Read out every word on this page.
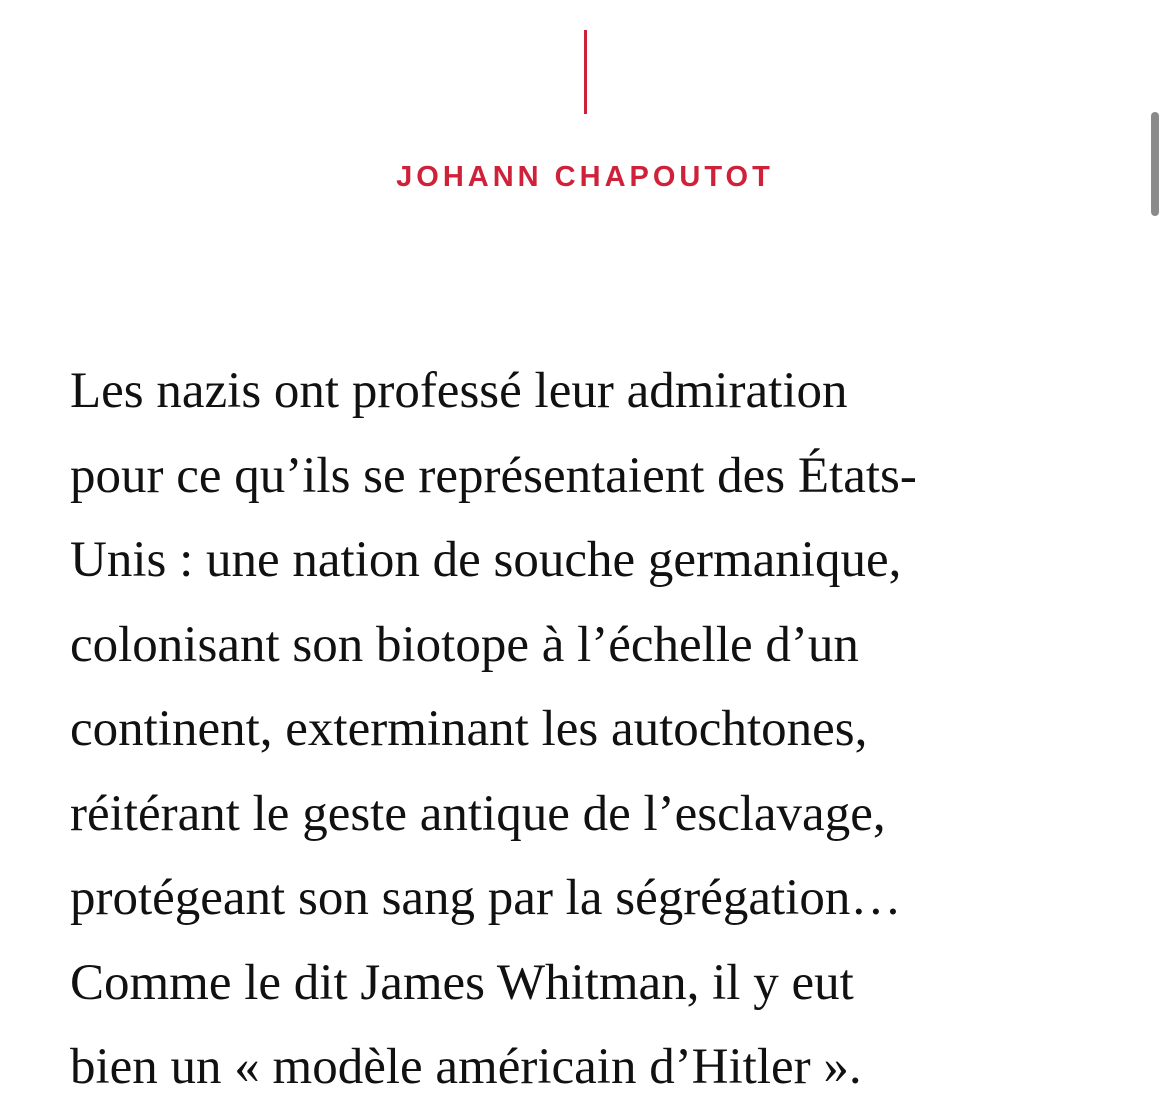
JOHANN CHAPOUTOT

Les nazis ont professé leur admiration
pour ce qu’ils se représentaient des États-
Unis : une nation de souche germanique,
colonisant son biotope à l’échelle d’un
continent, exterminant les autochtones,
réitérant le geste antique de l’esclavage,
protégeant son sang par la ségrégation…
Comme le dit James Whitman, il y eut
bien un « modèle américain d’Hitler ».
